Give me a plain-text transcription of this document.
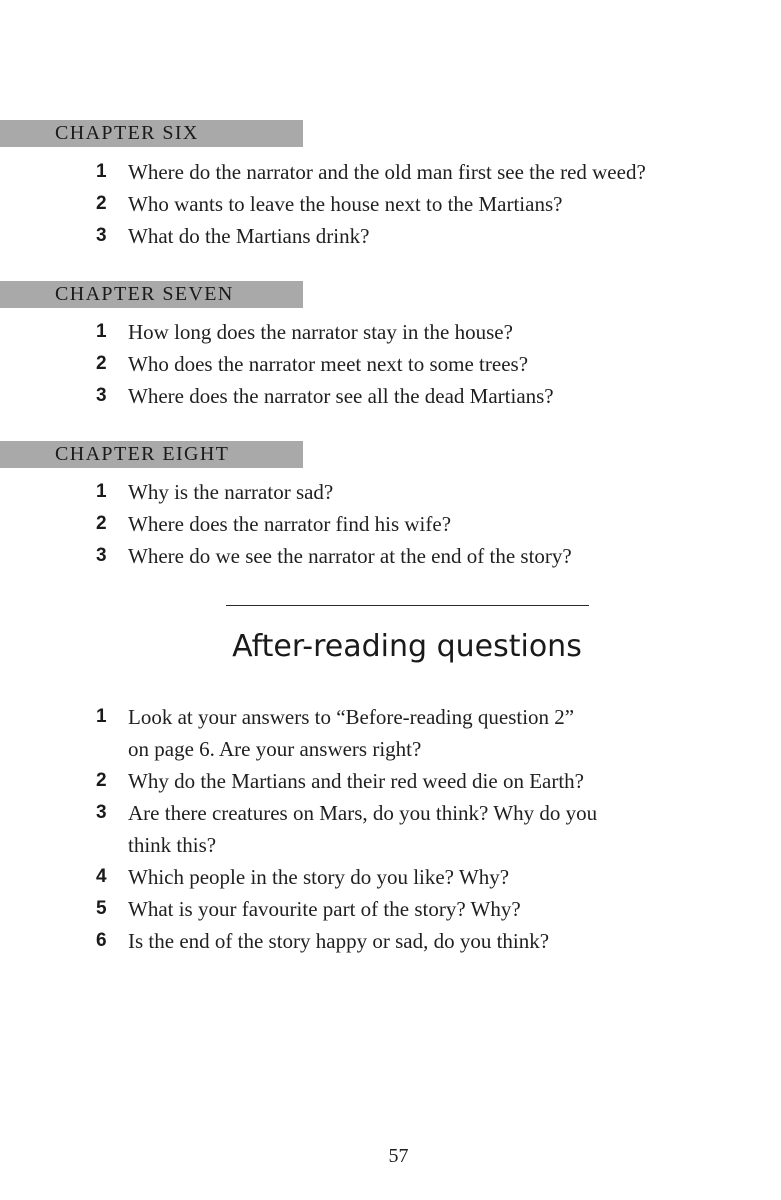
CHAPTER SIX
1 Where do the narrator and the old man first see the red weed?
2 Who wants to leave the house next to the Martians?
3 What do the Martians drink?
CHAPTER SEVEN
1 How long does the narrator stay in the house?
2 Who does the narrator meet next to some trees?
3 Where does the narrator see all the dead Martians?
CHAPTER EIGHT
1 Why is the narrator sad?
2 Where does the narrator find his wife?
3 Where do we see the narrator at the end of the story?
After-reading questions
1 Look at your answers to “Before-reading question 2”
on page 6. Are your answers right?
2 Why do the Martians and their red weed die on Earth?
3 Are there creatures on Mars, do you think? Why do you
think this?
4 Which people in the story do you like? Why?
5 What is your favourite part of the story? Why?
6 Is the end of the story happy or sad, do you think?
57
